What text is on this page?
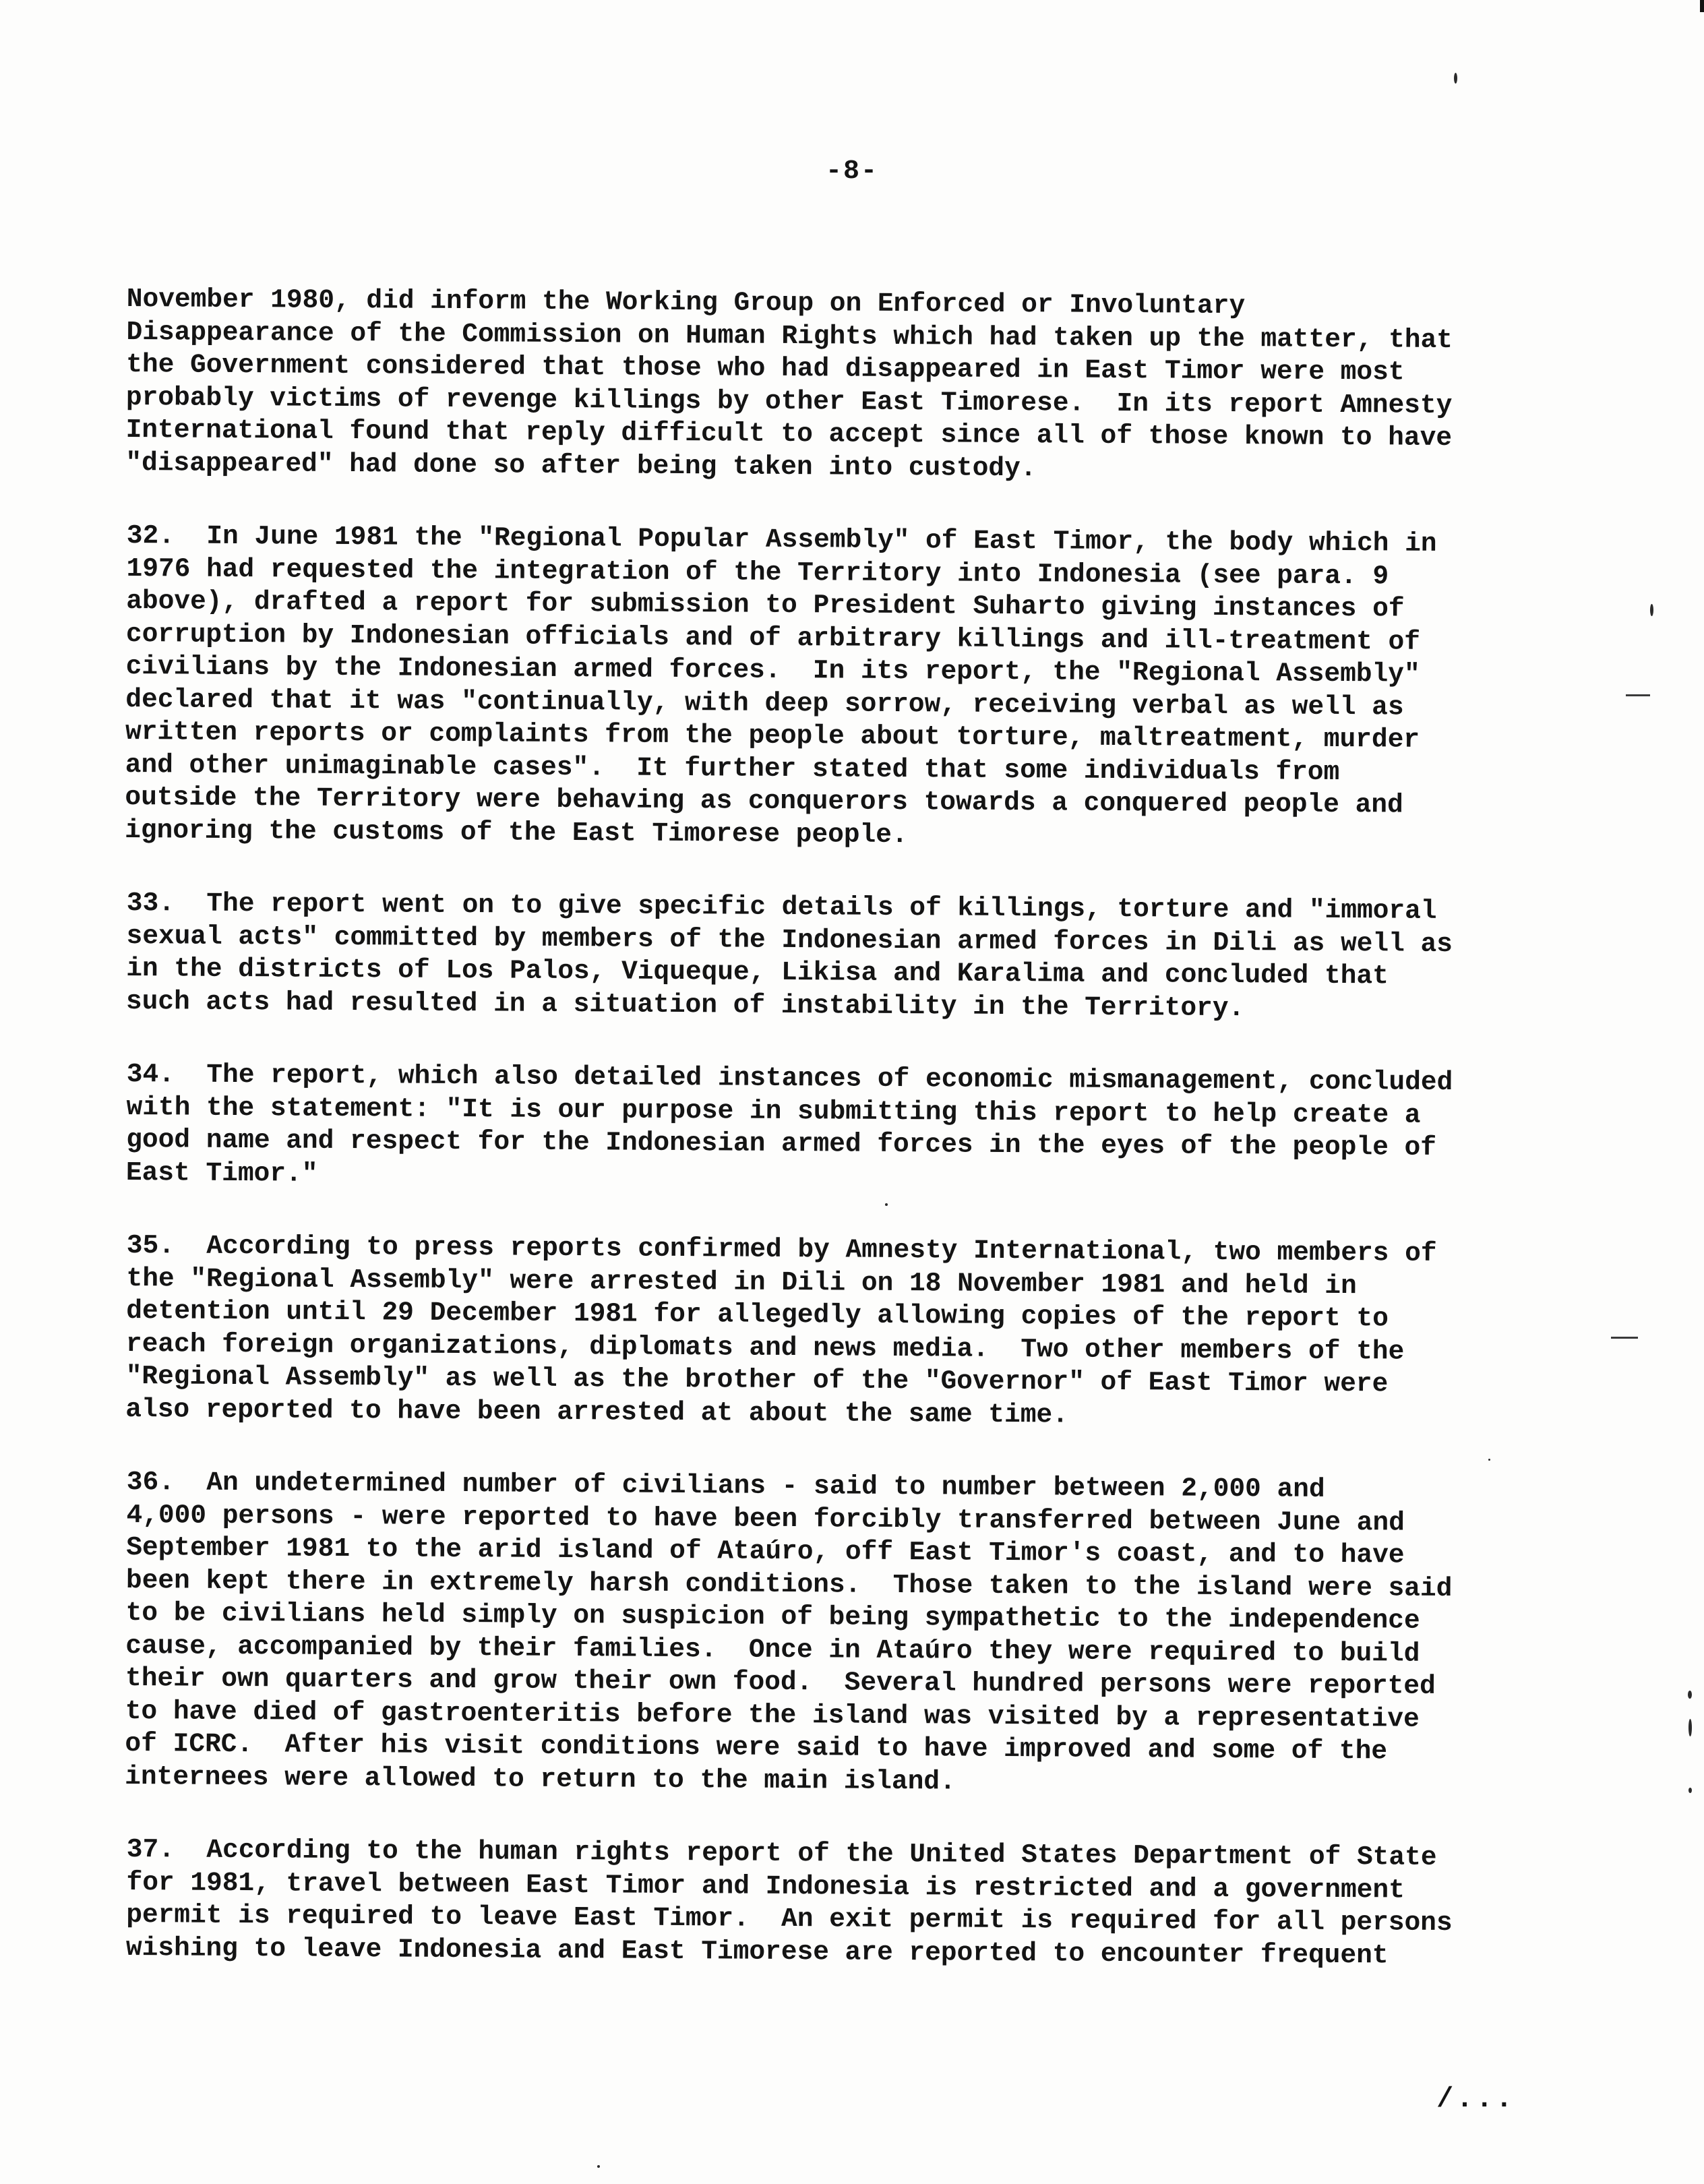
-8-
November 1980, did inform the Working Group on Enforced or Involuntary
Disappearance of the Commission on Human Rights which had taken up the matter, that
the Government considered that those who had disappeared in East Timor were most
probably victims of revenge killings by other East Timorese.  In its report Amnesty
International found that reply difficult to accept since all of those known to have
"disappeared" had done so after being taken into custody.
32.  In June 1981 the "Regional Popular Assembly" of East Timor, the body which in
1976 had requested the integration of the Territory into Indonesia (see para. 9
above), drafted a report for submission to President Suharto giving instances of
corruption by Indonesian officials and of arbitrary killings and ill-treatment of
civilians by the Indonesian armed forces.  In its report, the "Regional Assembly"
declared that it was "continually, with deep sorrow, receiving verbal as well as
written reports or complaints from the people about torture, maltreatment, murder
and other unimaginable cases".  It further stated that some individuals from
outside the Territory were behaving as conquerors towards a conquered people and
ignoring the customs of the East Timorese people.
33.  The report went on to give specific details of killings, torture and "immoral
sexual acts" committed by members of the Indonesian armed forces in Dili as well as
in the districts of Los Palos, Viqueque, Likisa and Karalima and concluded that
such acts had resulted in a situation of instability in the Territory.
34.  The report, which also detailed instances of economic mismanagement, concluded
with the statement: "It is our purpose in submitting this report to help create a
good name and respect for the Indonesian armed forces in the eyes of the people of
East Timor."
35.  According to press reports confirmed by Amnesty International, two members of
the "Regional Assembly" were arrested in Dili on 18 November 1981 and held in
detention until 29 December 1981 for allegedly allowing copies of the report to
reach foreign organizations, diplomats and news media.  Two other members of the
"Regional Assembly" as well as the brother of the "Governor" of East Timor were
also reported to have been arrested at about the same time.
36.  An undetermined number of civilians - said to number between 2,000 and
4,000 persons - were reported to have been forcibly transferred between June and
September 1981 to the arid island of Ataúro, off East Timor's coast, and to have
been kept there in extremely harsh conditions.  Those taken to the island were said
to be civilians held simply on suspicion of being sympathetic to the independence
cause, accompanied by their families.  Once in Ataúro they were required to build
their own quarters and grow their own food.  Several hundred persons were reported
to have died of gastroenteritis before the island was visited by a representative
of ICRC.  After his visit conditions were said to have improved and some of the
internees were allowed to return to the main island.
37.  According to the human rights report of the United States Department of State
for 1981, travel between East Timor and Indonesia is restricted and a government
permit is required to leave East Timor.  An exit permit is required for all persons
wishing to leave Indonesia and East Timorese are reported to encounter frequent
/...
